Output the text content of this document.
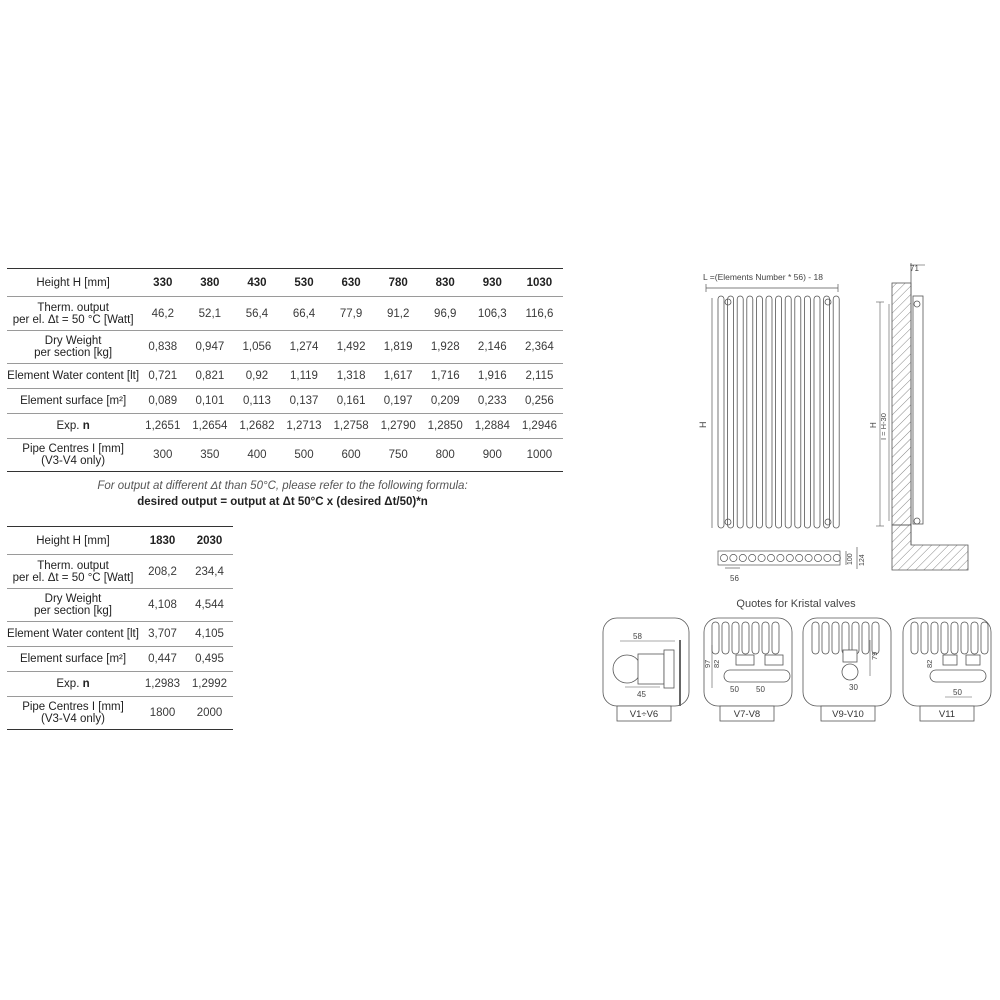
Height H [mm]	330	380	430	530	630	780	830	930	1030
Therm. output
per el. Δt = 50 °C [Watt]	46,2	52,1	56,4	66,4	77,9	91,2	96,9	106,3	116,6
Dry Weight
per section [kg]	0,838	0,947	1,056	1,274	1,492	1,819	1,928	2,146	2,364
Element Water content [lt]	0,721	0,821	0,92	1,119	1,318	1,617	1,716	1,916	2,115
Element surface [m²]	0,089	0,101	0,113	0,137	0,161	0,197	0,209	0,233	0,256
Exp. n	1,2651	1,2654	1,2682	1,2713	1,2758	1,2790	1,2850	1,2884	1,2946
Pipe Centres I [mm]
(V3-V4 only)	300	350	400	500	600	750	800	900	1000
For output at different Δt than 50°C, please refer to the following formula:
desired output = output at Δt 50°C x (desired Δt/50)*n
Height H [mm]	1830	2030
Therm. output
per el. Δt = 50 °C [Watt]	208,2	234,4
Dry Weight
per section [kg]	4,108	4,544
Element Water content [lt]	3,707	4,105
Element surface [m²]	0,447	0,495
Exp. n	1,2983	1,2992
Pipe Centres I [mm]
(V3-V4 only)	1800	2000
L =(Elements Number * 56) - 18
H
71
H I = H-30
100 124
56
Quotes for Kristal valves
58
45
V1÷V6
97 82
50 50
V7-V8
79
30
V9-V10
82
50
V11
